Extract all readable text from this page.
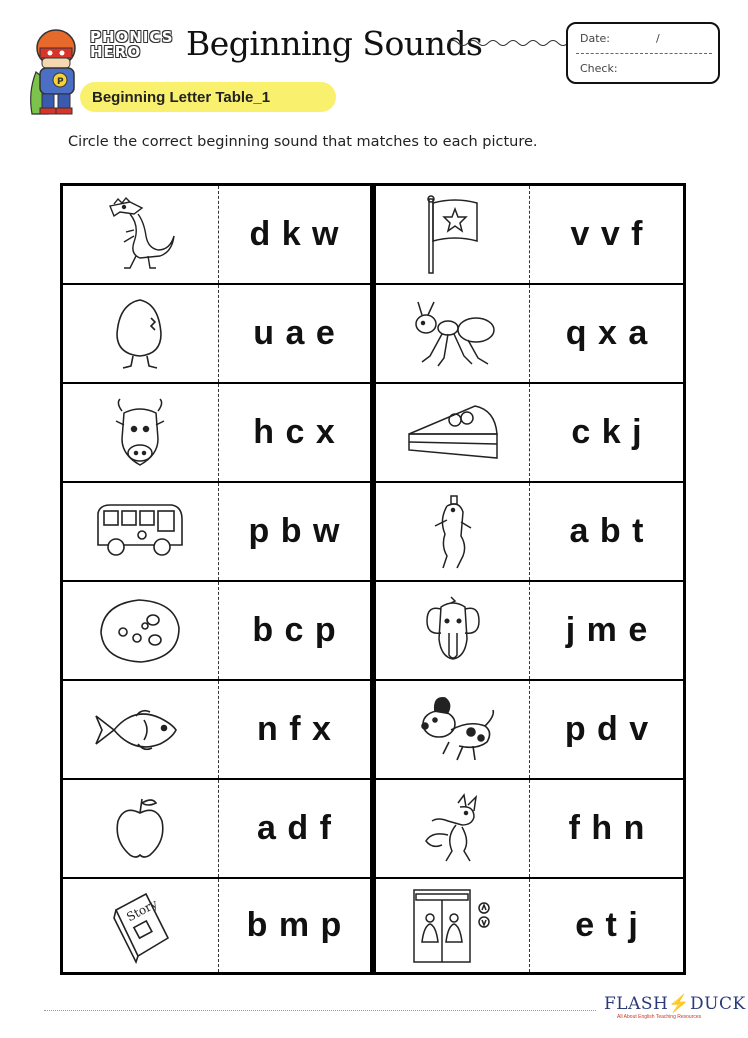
P
PHONICS
HERO	Beginning Sounds	Date:	/
Check:
Beginning Letter Table_1
Circle the correct beginning sound that matches to each picture.
d k w	v v f
u a e	q x a
h c x	c k j
p b w	a b t
b c p	j m e
n f x	p d v
a d f	f h n
Story	b m p	e t j
FLASH⚡DUCK
All About English Teaching Resources
